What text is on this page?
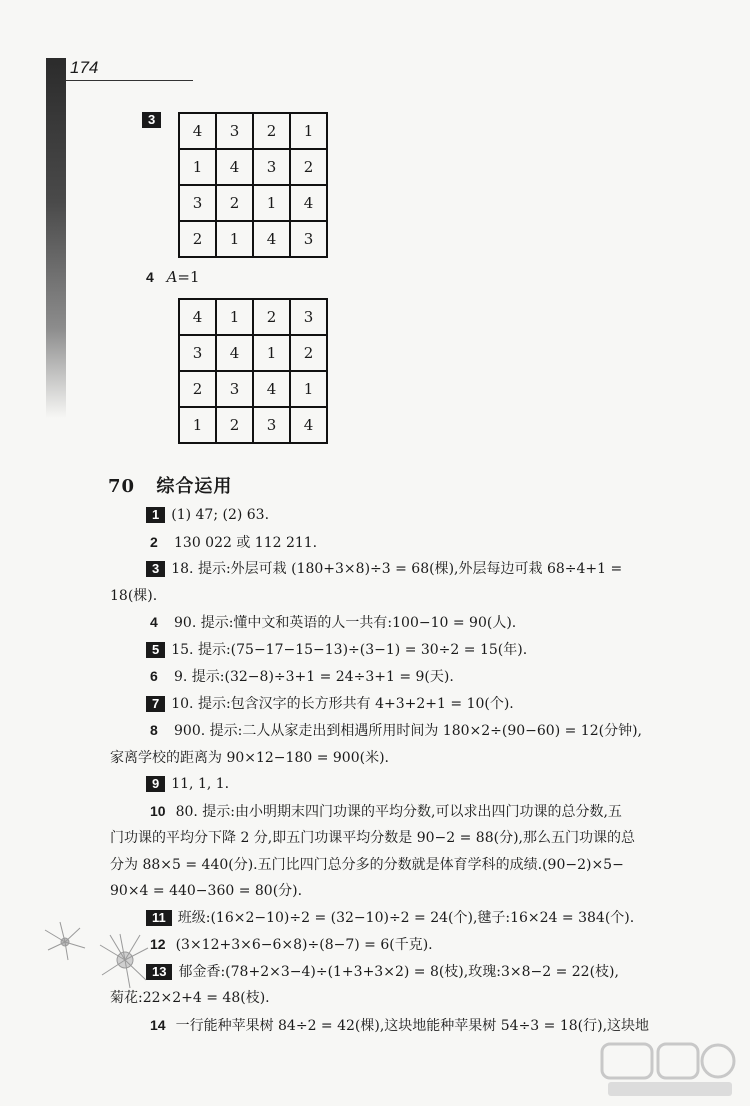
174
3
4	3	2	1
1	4	3	2
3	2	1	4
2	1	4	3
4 A=1
4	1	2	3
3	4	1	2
2	3	4	1
1	2	3	4
70 综合运用
1 (1) 47; (2) 63.
2 130 022 或 112 211.
3 18. 提示:外层可栽 (180+3×8)÷3 = 68(棵),外层每边可栽 68÷4+1 =
18(棵).
4 90. 提示:懂中文和英语的人一共有:100−10 = 90(人).
5 15. 提示:(75−17−15−13)÷(3−1) = 30÷2 = 15(年).
6 9. 提示:(32−8)÷3+1 = 24÷3+1 = 9(天).
7 10. 提示:包含汉字的长方形共有 4+3+2+1 = 10(个).
8 900. 提示:二人从家走出到相遇所用时间为 180×2÷(90−60) = 12(分钟),
家离学校的距离为 90×12−180 = 900(米).
9 11, 1, 1.
10 80. 提示:由小明期末四门功课的平均分数,可以求出四门功课的总分数,五
门功课的平均分下降 2 分,即五门功课平均分数是 90−2 = 88(分),那么五门功课的总
分为 88×5 = 440(分).五门比四门总分多的分数就是体育学科的成绩.(90−2)×5−
90×4 = 440−360 = 80(分).
11 班级:(16×2−10)÷2 = (32−10)÷2 = 24(个),毽子:16×24 = 384(个).
12 (3×12+3×6−6×8)÷(8−7) = 6(千克).
13 郁金香:(78+2×3−4)÷(1+3+3×2) = 8(枝),玫瑰:3×8−2 = 22(枝),
菊花:22×2+4 = 48(枝).
14 一行能种苹果树 84÷2 = 42(棵),这块地能种苹果树 54÷3 = 18(行),这块地
